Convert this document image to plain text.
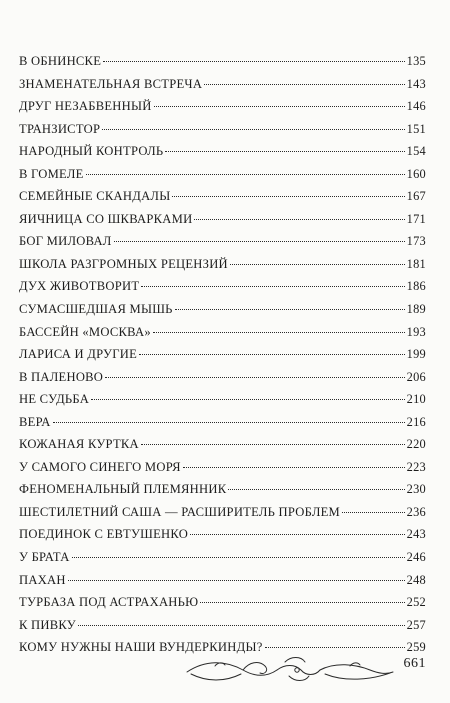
В ОБНИНСКЕ	135
ЗНАМЕНАТЕЛЬНАЯ ВСТРЕЧА	143
ДРУГ НЕЗАБВЕННЫЙ	146
ТРАНЗИСТОР	151
НАРОДНЫЙ КОНТРОЛЬ	154
В ГОМЕЛЕ	160
СЕМЕЙНЫЕ СКАНДАЛЫ	167
ЯИЧНИЦА СО ШКВАРКАМИ	171
БОГ МИЛОВАЛ	173
ШКОЛА РАЗГРОМНЫХ РЕЦЕНЗИЙ	181
ДУХ ЖИВОТВОРИТ	186
СУМАСШЕДШАЯ МЫШЬ	189
БАССЕЙН «МОСКВА»	193
ЛАРИСА И ДРУГИЕ	199
В ПАЛЕНОВО	206
НЕ СУДЬБА	210
ВЕРА	216
КОЖАНАЯ КУРТКА	220
У САМОГО СИНЕГО МОРЯ	223
ФЕНОМЕНАЛЬНЫЙ ПЛЕМЯННИК	230
ШЕСТИЛЕТНИЙ САША — РАСШИРИТЕЛЬ ПРОБЛЕМ	236
ПОЕДИНОК С ЕВТУШЕНКО	243
У БРАТА	246
ПАХАН	248
ТУРБАЗА ПОД АСТРАХАНЬЮ	252
К ПИВКУ	257
КОМУ НУЖНЫ НАШИ ВУНДЕРКИНДЫ?	259
661
